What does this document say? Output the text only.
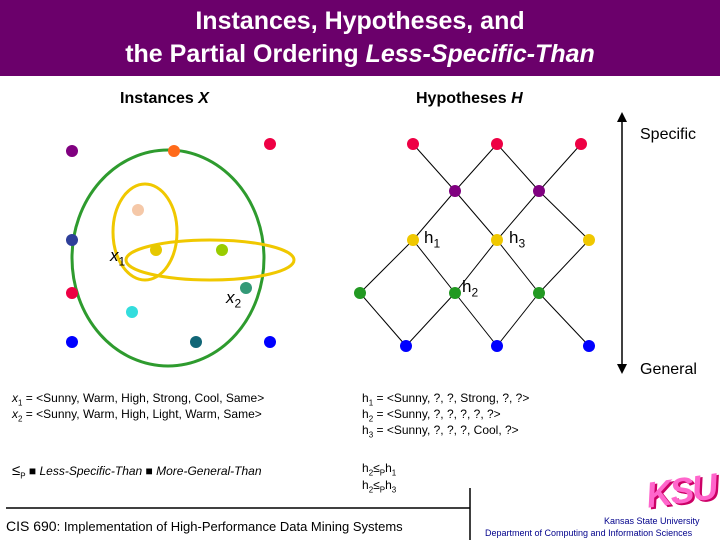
Instances, Hypotheses, and
the Partial Ordering Less-Specific-Than
Instances X	Hypotheses H
Specific
General
$x_1$
$x_2$
$h_1$	$h_3$
$h_2$
$x_1$ = <Sunny, Warm, High, Strong, Cool, Same>
$x_2$ = <Sunny, Warm, High, Light, Warm, Same>
$h_1$ = <Sunny, ?, ?, Strong, ?, ?>
$h_2$ = <Sunny, ?, ?, ?, ?, ?>
$h_3$ = <Sunny, ?, ?, ?, Cool, ?>
$\le_P$ ■ Less-Specific-Than ■ More-General-Than	$h_2\le_Ph_1$
$h_2\le_Ph_3$
CIS 690: Implementation of High-Performance Data Mining Systems
KSU
Kansas State University
Department of Computing and Information Sciences
